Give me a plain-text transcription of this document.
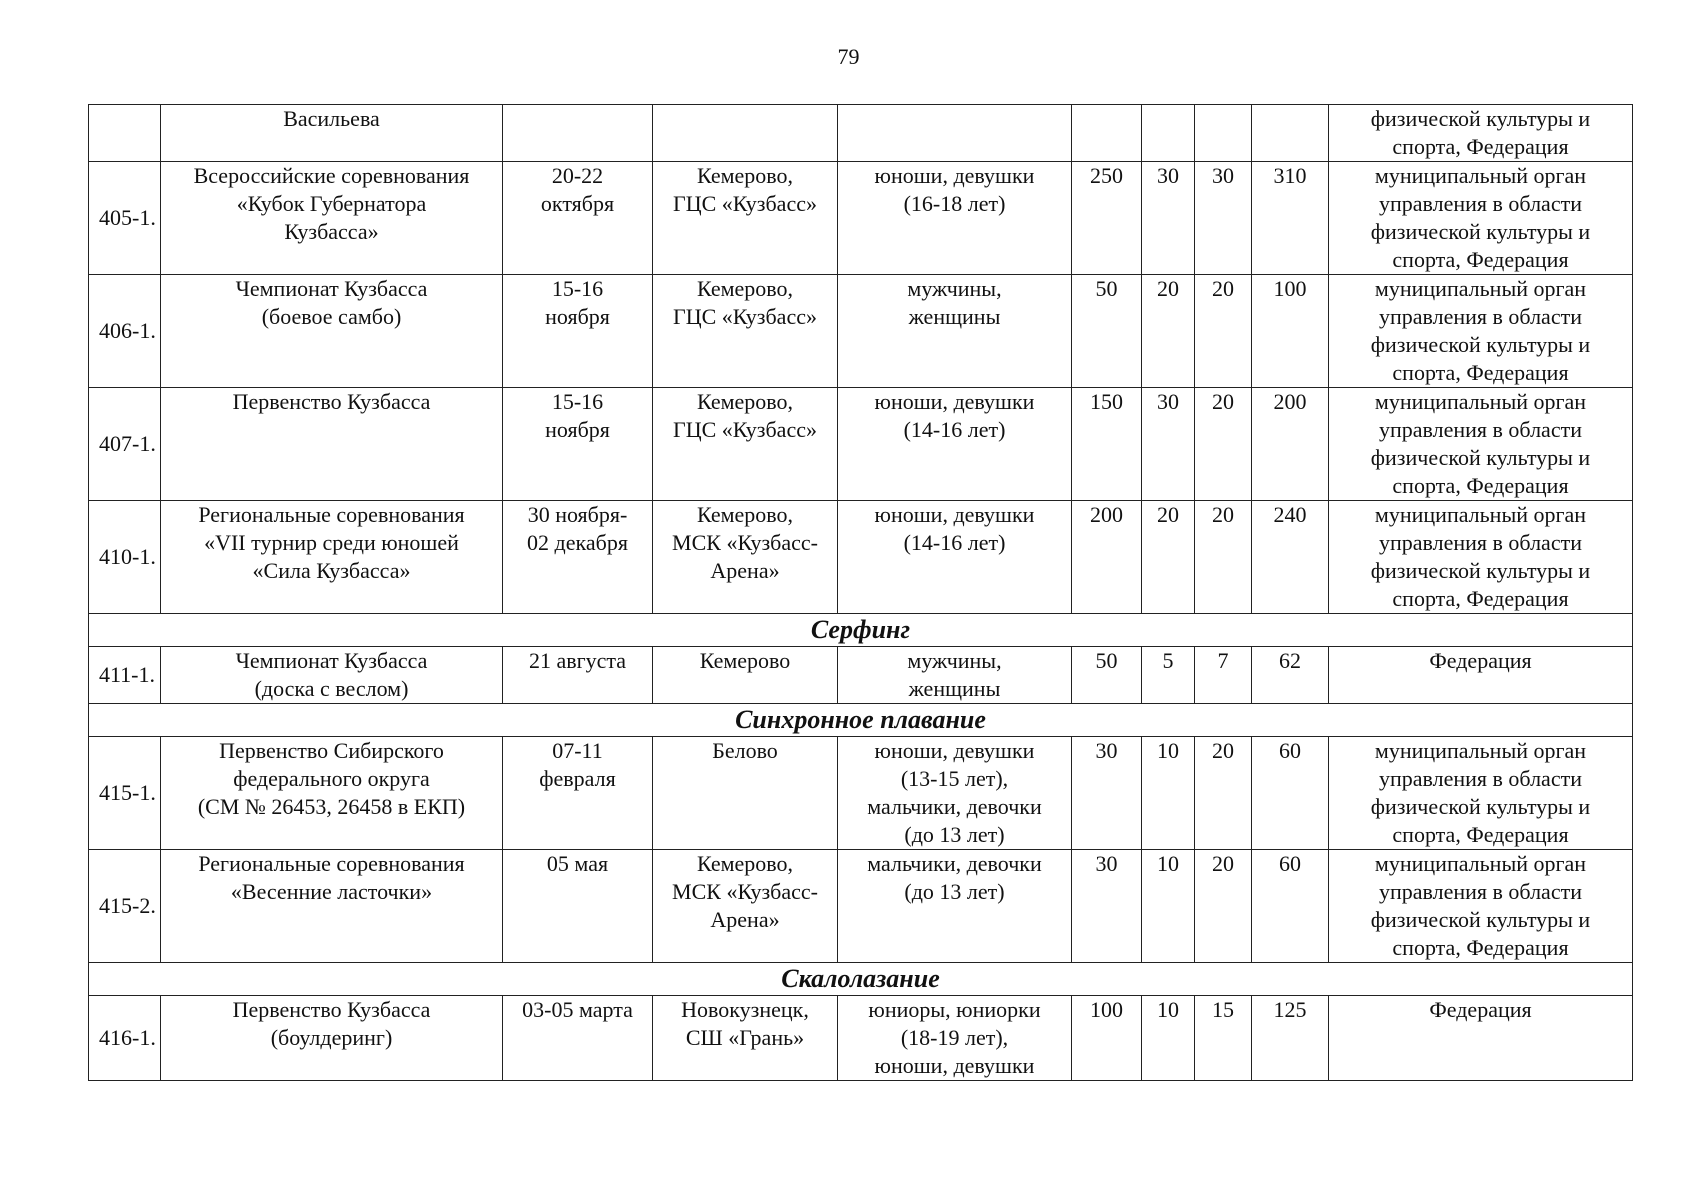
79
	Васильева								физической культуры и
спорта, Федерация
405-1.	Всероссийские соревнования
«Кубок Губернатора
Кузбасса»	20-22
октября	Кемерово,
ГЦС «Кузбасс»	юноши, девушки
(16-18 лет)	250	30	30	310	муниципальный орган
управления в области
физической культуры и
спорта, Федерация
406-1.	Чемпионат Кузбасса
(боевое самбо)	15-16
ноября	Кемерово,
ГЦС «Кузбасс»	мужчины,
женщины	50	20	20	100	муниципальный орган
управления в области
физической культуры и
спорта, Федерация
407-1.	Первенство Кузбасса	15-16
ноября	Кемерово,
ГЦС «Кузбасс»	юноши, девушки
(14-16 лет)	150	30	20	200	муниципальный орган
управления в области
физической культуры и
спорта, Федерация
410-1.	Региональные соревнования
«VII турнир среди юношей
«Сила Кузбасса»	30 ноября-
02 декабря	Кемерово,
МСК «Кузбасс-
Арена»	юноши, девушки
(14-16 лет)	200	20	20	240	муниципальный орган
управления в области
физической культуры и
спорта, Федерация
Серфинг									
411-1.	Чемпионат Кузбасса
(доска с веслом)	21 августа	Кемерово	мужчины,
женщины	50	5	7	62	Федерация
Синхронное плавание									
415-1.	Первенство Сибирского
федерального округа
(СМ № 26453, 26458 в ЕКП)	07-11
февраля	Белово	юноши, девушки
(13-15 лет),
мальчики, девочки
(до 13 лет)	30	10	20	60	муниципальный орган
управления в области
физической культуры и
спорта, Федерация
415-2.	Региональные соревнования
«Весенние ласточки»	05 мая	Кемерово,
МСК «Кузбасс-
Арена»	мальчики, девочки
(до 13 лет)	30	10	20	60	муниципальный орган
управления в области
физической культуры и
спорта, Федерация
Скалолазание									
416-1.	Первенство Кузбасса
(боулдеринг)	03-05 марта	Новокузнецк,
СШ «Грань»	юниоры, юниорки
(18-19 лет),
юноши, девушки	100	10	15	125	Федерация
